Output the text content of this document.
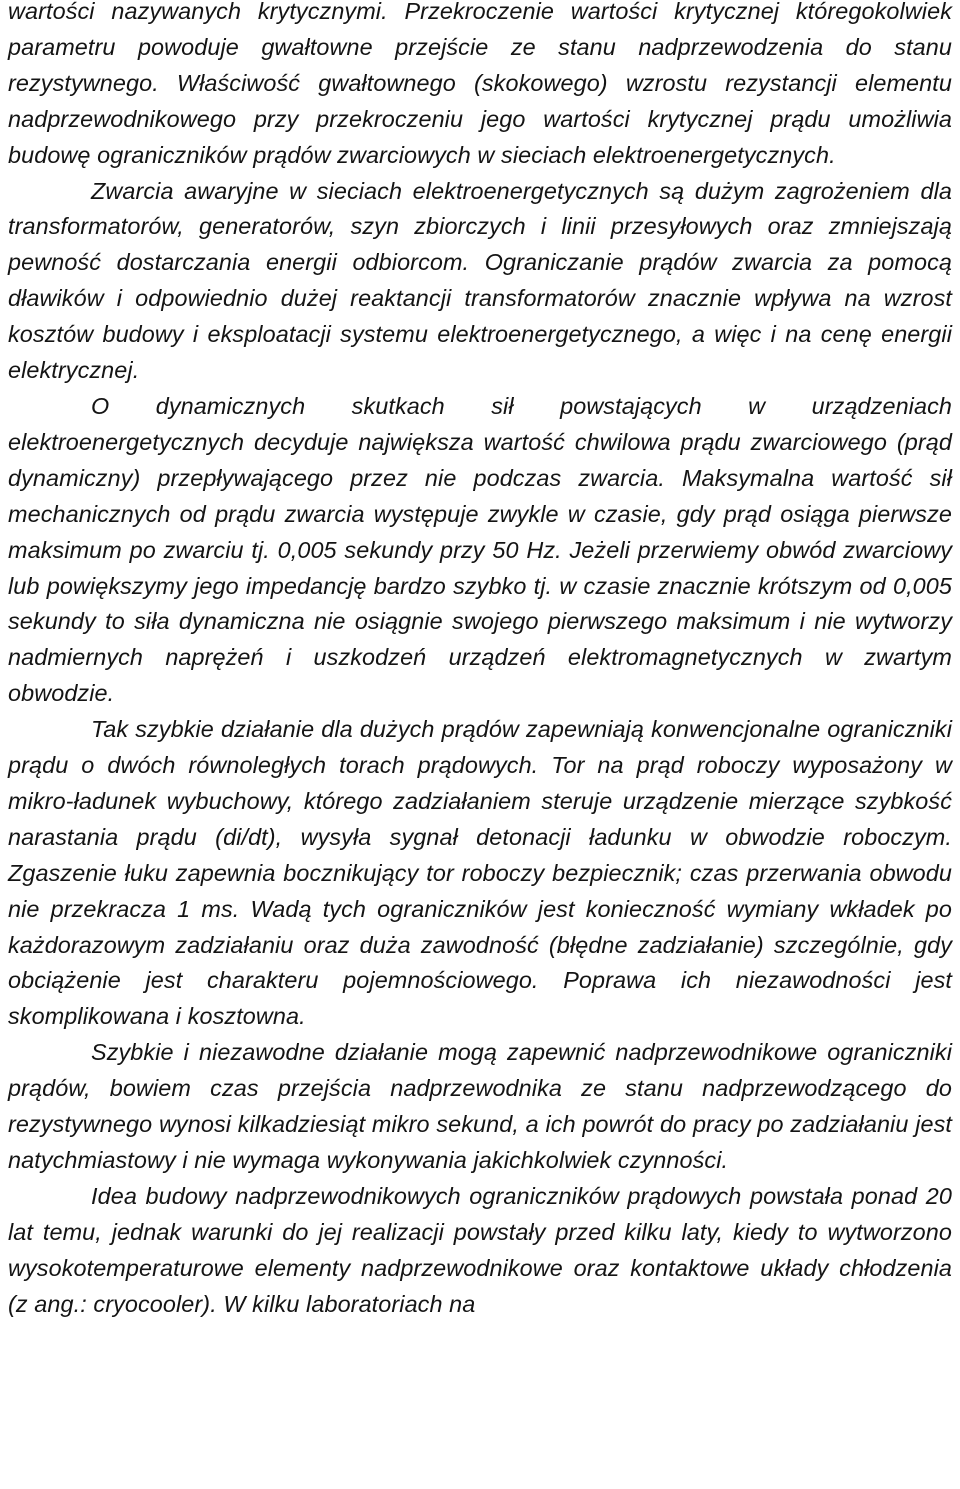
wartości nazywanych krytycznymi. Przekroczenie wartości krytycznej któregokolwiek parametru powoduje gwałtowne przejście ze stanu nadprzewodzenia do stanu rezystywnego. Właściwość gwałtownego (skokowego) wzrostu rezystancji elementu nadprzewodnikowego przy przekroczeniu jego wartości krytycznej prądu umożliwia budowę ograniczników prądów zwarciowych w sieciach elektroenergetycznych.

Zwarcia awaryjne w sieciach elektroenergetycznych są dużym zagrożeniem dla transformatorów, generatorów, szyn zbiorczych i linii przesyłowych oraz zmniejszają pewność dostarczania energii odbiorcom. Ograniczanie prądów zwarcia za pomocą dławików i odpowiednio dużej reaktancji transformatorów znacznie wpływa na wzrost kosztów budowy i eksploatacji systemu elektroenergetycznego, a więc i na cenę energii elektrycznej.

O dynamicznych skutkach sił powstających w urządzeniach elektroenergetycznych decyduje największa wartość chwilowa prądu zwarciowego (prąd dynamiczny) przepływającego przez nie podczas zwarcia. Maksymalna wartość sił mechanicznych od prądu zwarcia występuje zwykle w czasie, gdy prąd osiąga pierwsze maksimum po zwarciu tj. 0,005 sekundy przy 50 Hz. Jeżeli przerwiemy obwód zwarciowy lub powiększymy jego impedancję bardzo szybko tj. w czasie znacznie krótszym od 0,005 sekundy to siła dynamiczna nie osiągnie swojego pierwszego maksimum i nie wytworzy nadmiernych naprężeń i uszkodzeń urządzeń elektromagnetycznych w zwartym obwodzie.

Tak szybkie działanie dla dużych prądów zapewniają konwencjonalne ograniczniki prądu o dwóch równoległych torach prądowych. Tor na prąd roboczy wyposażony w mikro-ładunek wybuchowy, którego zadziałaniem steruje urządzenie mierzące szybkość narastania prądu (di/dt), wysyła sygnał detonacji ładunku w obwodzie roboczym. Zgaszenie łuku zapewnia bocznikujący tor roboczy bezpiecznik; czas przerwania obwodu nie przekracza 1 ms. Wadą tych ograniczników jest konieczność wymiany wkładek po każdorazowym zadziałaniu oraz duża zawodność (błędne zadziałanie) szczególnie, gdy obciążenie jest charakteru pojemnościowego. Poprawa ich niezawodności jest skomplikowana i kosztowna.

Szybkie i niezawodne działanie mogą zapewnić nadprzewodnikowe ograniczniki prądów, bowiem czas przejścia nadprzewodnika ze stanu nadprzewodzącego do rezystywnego wynosi kilkadziesiąt mikro sekund, a ich powrót do pracy po zadziałaniu jest natychmiastowy i nie wymaga wykonywania jakichkolwiek czynności.

Idea budowy nadprzewodnikowych ograniczników prądowych powstała ponad 20 lat temu, jednak warunki do jej realizacji powstały przed kilku laty, kiedy to wytworzono wysokotemperaturowe elementy nadprzewodnikowe oraz kontaktowe układy chłodzenia (z ang.: cryocooler). W kilku laboratoriach na
